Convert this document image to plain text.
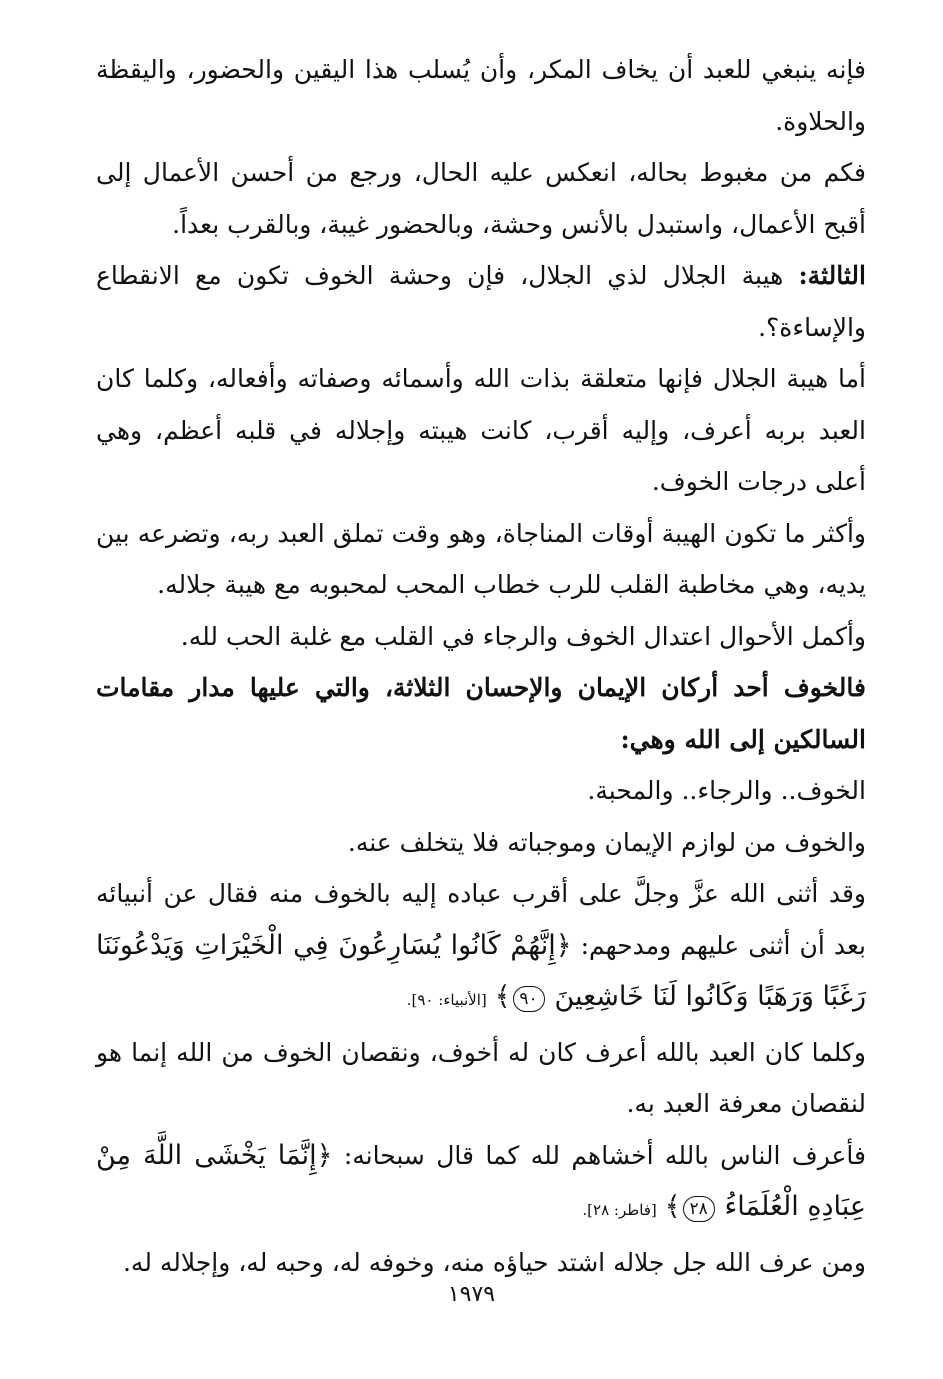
فإنه ينبغي للعبد أن يخاف المكر، وأن يُسلب هذا اليقين والحضور، واليقظة والحلاوة.

فكم من مغبوط بحاله، انعكس عليه الحال، ورجع من أحسن الأعمال إلى أقبح الأعمال، واستبدل بالأنس وحشة، وبالحضور غيبة، وبالقرب بعداً.

الثالثة: هيبة الجلال لذي الجلال، فإن وحشة الخوف تكون مع الانقطاع والإساءة؟.

أما هيبة الجلال فإنها متعلقة بذات الله وأسمائه وصفاته وأفعاله، وكلما كان العبد بربه أعرف، وإليه أقرب، كانت هيبته وإجلاله في قلبه أعظم، وهي أعلى درجات الخوف.

وأكثر ما تكون الهيبة أوقات المناجاة، وهو وقت تملق العبد ربه، وتضرعه بين يديه، وهي مخاطبة القلب للرب خطاب المحب لمحبوبه مع هيبة جلاله.

وأكمل الأحوال اعتدال الخوف والرجاء في القلب مع غلبة الحب لله.

فالخوف أحد أركان الإيمان والإحسان الثلاثة، والتي عليها مدار مقامات السالكين إلى الله وهي:

الخوف.. والرجاء.. والمحبة.

والخوف من لوازم الإيمان وموجباته فلا يتخلف عنه.

وقد أثنى الله عزَّ وجلَّ على أقرب عباده إليه بالخوف منه فقال عن أنبيائه بعد أن أثنى عليهم ومدحهم: ﴿إِنَّهُمْ كَانُوا يُسَارِعُونَ فِي الْخَيْرَاتِ وَيَدْعُونَنَا رَغَبًا وَرَهَبًا وَكَانُوا لَنَا خَاشِعِينَ ٩٠﴾ [الأنبياء: ٩٠].

وكلما كان العبد بالله أعرف كان له أخوف، ونقصان الخوف من الله إنما هو لنقصان معرفة العبد به.

فأعرف الناس بالله أخشاهم لله كما قال سبحانه: ﴿إِنَّمَا يَخْشَى اللَّهَ مِنْ عِبَادِهِ الْعُلَمَاءُ ٢٨﴾ [فاطر: ٢٨].

ومن عرف الله جل جلاله اشتد حياؤه منه، وخوفه له، وحبه له، وإجلاله له.

١٩٧٩
